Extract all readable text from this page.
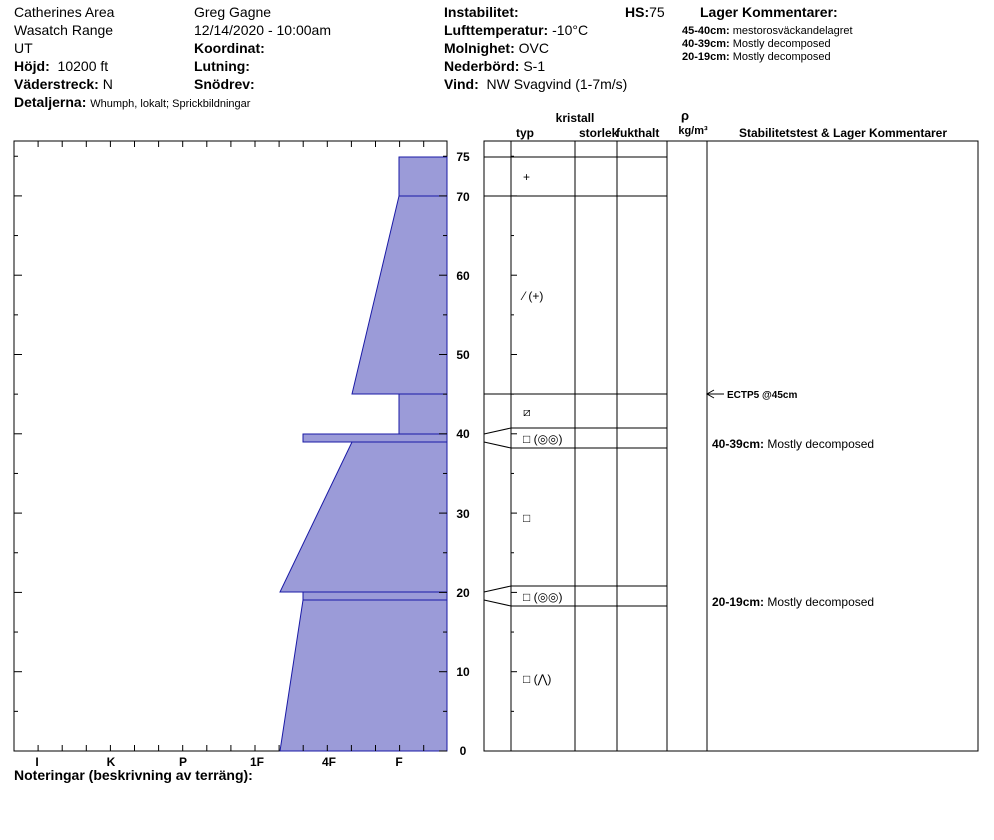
Catherines Area
Wasatch Range
UT
Höjd: 10200 ft
Väderstreck: N
Detaljerna: Whumph, lokalt; Sprickbildningar
Greg Gagne
12/14/2020 - 10:00am
Koordinat:
Lutning:
Snödrev:
Instabilitet:
Lufttemperatur: -10°C
Molnighet: OVC
Nederbörd: S-1
Vind: NW Svagvind (1-7m/s)
HS:75	Lager Kommentarer:
45-40cm: mestorosväckandelagret
40-39cm: Mostly decomposed
20-19cm: Mostly decomposed
I	K	P	1F	4F	F
0
10
20
30
40
50
60
70
75
kristall
typ	storlek
fukthalt
ρ
kg/m³	Stabilitetstest & Lager Kommentarer
+
⁄ (+)
⧄
□ (◎◎)
□
□ (◎◎)
□ (⋀)
ECTP5 @45cm
40-39cm: Mostly decomposed
20-19cm: Mostly decomposed
Noteringar (beskrivning av terräng):
